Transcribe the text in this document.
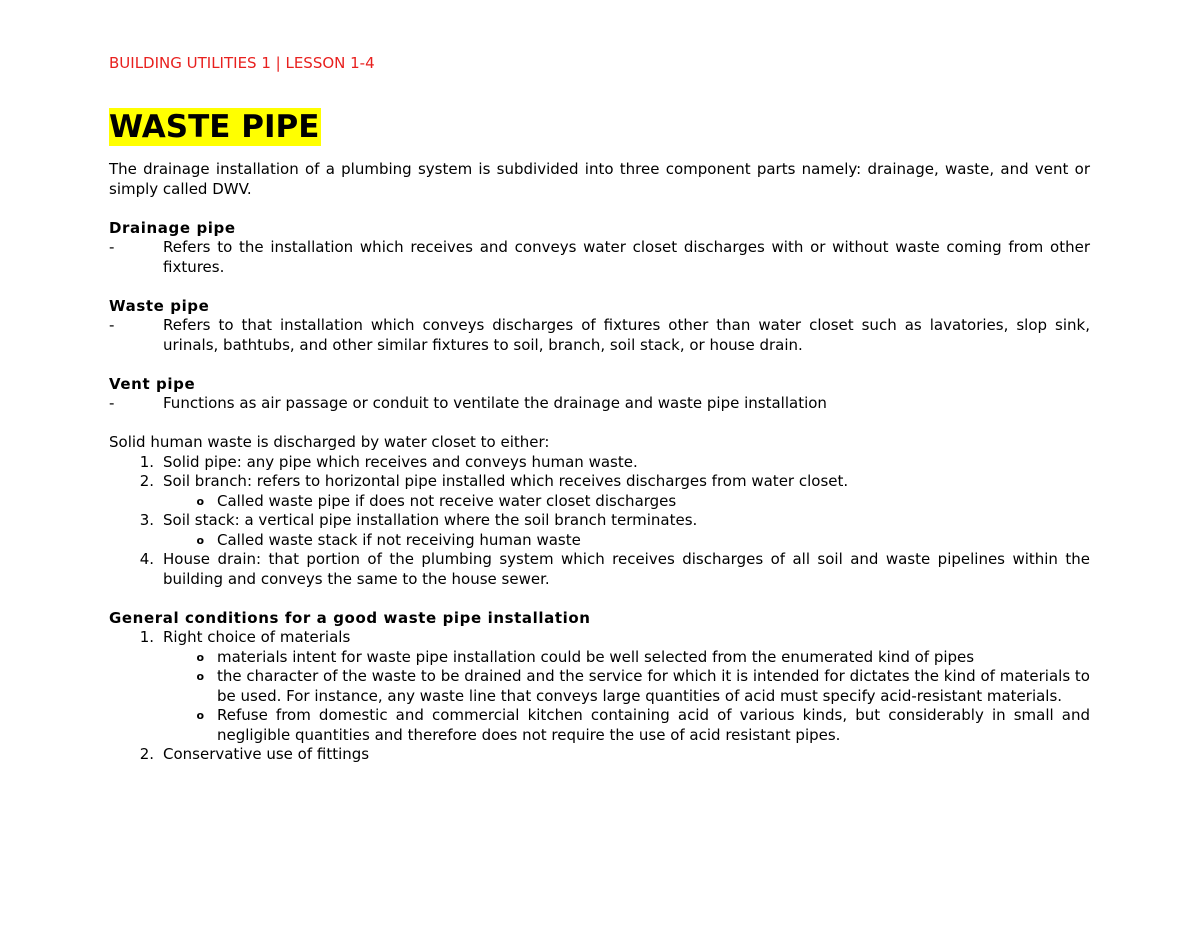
BUILDING UTILITIES 1 | LESSON 1-4

WASTE PIPE

The drainage installation of a plumbing system is subdivided into three component parts namely: drainage, waste, and vent or simply called DWV.

Drainage pipe

-	Refers to the installation which receives and conveys water closet discharges with or without waste coming from other fixtures.

Waste pipe

-	Refers to that installation which conveys discharges of fixtures other than water closet such as lavatories, slop sink, urinals, bathtubs, and other similar fixtures to soil, branch, soil stack, or house drain.

Vent pipe

-	Functions as air passage or conduit to ventilate the drainage and waste pipe installation

Solid human waste is discharged by water closet to either:

1. Solid pipe: any pipe which receives and conveys human waste.
2. Soil branch: refers to horizontal pipe installed which receives discharges from water closet.
o Called waste pipe if does not receive water closet discharges
3. Soil stack: a vertical pipe installation where the soil branch terminates.
o Called waste stack if not receiving human waste
4. House drain: that portion of the plumbing system which receives discharges of all soil and waste pipelines within the building and conveys the same to the house sewer.

General conditions for a good waste pipe installation

1. Right choice of materials
o materials intent for waste pipe installation could be well selected from the enumerated kind of pipes
o the character of the waste to be drained and the service for which it is intended for dictates the kind of materials to be used. For instance, any waste line that conveys large quantities of acid must specify acid-resistant materials.
o Refuse from domestic and commercial kitchen containing acid of various kinds, but considerably in small and negligible quantities and therefore does not require the use of acid resistant pipes.
2. Conservative use of fittings
